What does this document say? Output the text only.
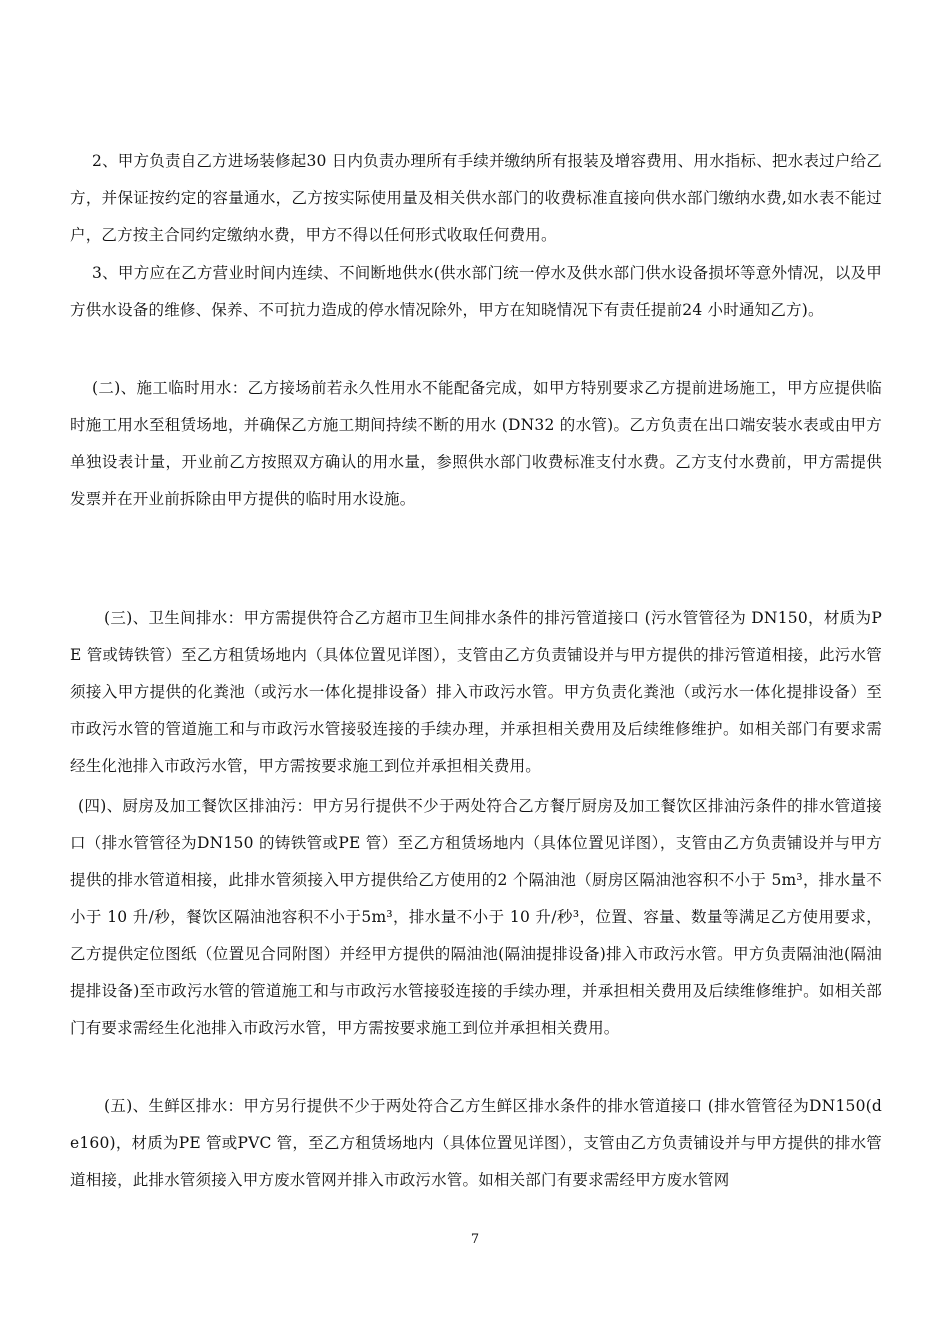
2、甲方负责自乙方进场装修起30 日内负责办理所有手续并缴纳所有报装及增容费用、用水指标、把水表过户给乙方，并保证按约定的容量通水，乙方按实际使用量及相关供水部门的收费标准直接向供水部门缴纳水费,如水表不能过户，乙方按主合同约定缴纳水费，甲方不得以任何形式收取任何费用。

3、甲方应在乙方营业时间内连续、不间断地供水(供水部门统一停水及供水部门供水设备损坏等意外情况，以及甲方供水设备的维修、保养、不可抗力造成的停水情况除外，甲方在知晓情况下有责任提前24 小时通知乙方)。

(二)、施工临时用水：乙方接场前若永久性用水不能配备完成，如甲方特别要求乙方提前进场施工，甲方应提供临时施工用水至租赁场地，并确保乙方施工期间持续不断的用水 (DN32 的水管)。乙方负责在出口端安装水表或由甲方单独设表计量，开业前乙方按照双方确认的用水量，参照供水部门收费标准支付水费。乙方支付水费前，甲方需提供发票并在开业前拆除由甲方提供的临时用水设施。

(三)、卫生间排水：甲方需提供符合乙方超市卫生间排水条件的排污管道接口 (污水管管径为 DN150，材质为PE 管或铸铁管）至乙方租赁场地内（具体位置见详图），支管由乙方负责铺设并与甲方提供的排污管道相接，此污水管须接入甲方提供的化粪池（或污水一体化提排设备）排入市政污水管。甲方负责化粪池（或污水一体化提排设备）至市政污水管的管道施工和与市政污水管接驳连接的手续办理，并承担相关费用及后续维修维护。如相关部门有要求需经生化池排入市政污水管，甲方需按要求施工到位并承担相关费用。

(四)、厨房及加工餐饮区排油污：甲方另行提供不少于两处符合乙方餐厅厨房及加工餐饮区排油污条件的排水管道接口（排水管管径为DN150 的铸铁管或PE 管）至乙方租赁场地内（具体位置见详图），支管由乙方负责铺设并与甲方提供的排水管道相接，此排水管须接入甲方提供给乙方使用的2 个隔油池（厨房区隔油池容积不小于 5m³，排水量不小于 10 升/秒，餐饮区隔油池容积不小于5m³，排水量不小于 10 升/秒³，位置、容量、数量等满足乙方使用要求，乙方提供定位图纸（位置见合同附图）并经甲方提供的隔油池(隔油提排设备)排入市政污水管。甲方负责隔油池(隔油提排设备)至市政污水管的管道施工和与市政污水管接驳连接的手续办理，并承担相关费用及后续维修维护。如相关部门有要求需经生化池排入市政污水管，甲方需按要求施工到位并承担相关费用。

(五)、生鲜区排水：甲方另行提供不少于两处符合乙方生鲜区排水条件的排水管道接口 (排水管管径为DN150(de160)，材质为PE 管或PVC 管，至乙方租赁场地内（具体位置见详图），支管由乙方负责铺设并与甲方提供的排水管道相接，此排水管须接入甲方废水管网并排入市政污水管。如相关部门有要求需经甲方废水管网

7
